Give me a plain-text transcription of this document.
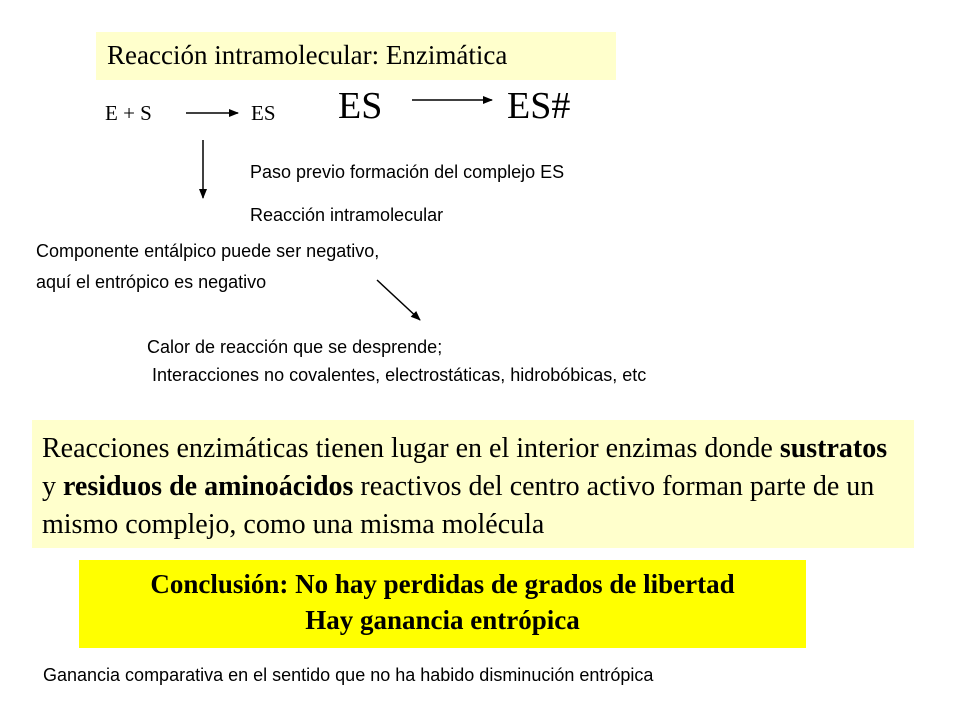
Reacción intramolecular: Enzimática
E + S	ES ES	ES#
Paso previo formación del complejo ES
Reacción intramolecular
Componente entálpico puede ser negativo,
aquí el entrópico es negativo
Calor de reacción que se desprende;
Interacciones no covalentes, electrostáticas, hidrobóbicas, etc
Reacciones enzimáticas tienen lugar en el interior enzimas donde sustratos y residuos de aminoácidos reactivos del centro activo forman parte de un mismo complejo, como una misma molécula
Conclusión: No hay perdidas de grados de libertad
Hay ganancia entrópica
Ganancia comparativa en el sentido que no ha habido disminución entrópica
